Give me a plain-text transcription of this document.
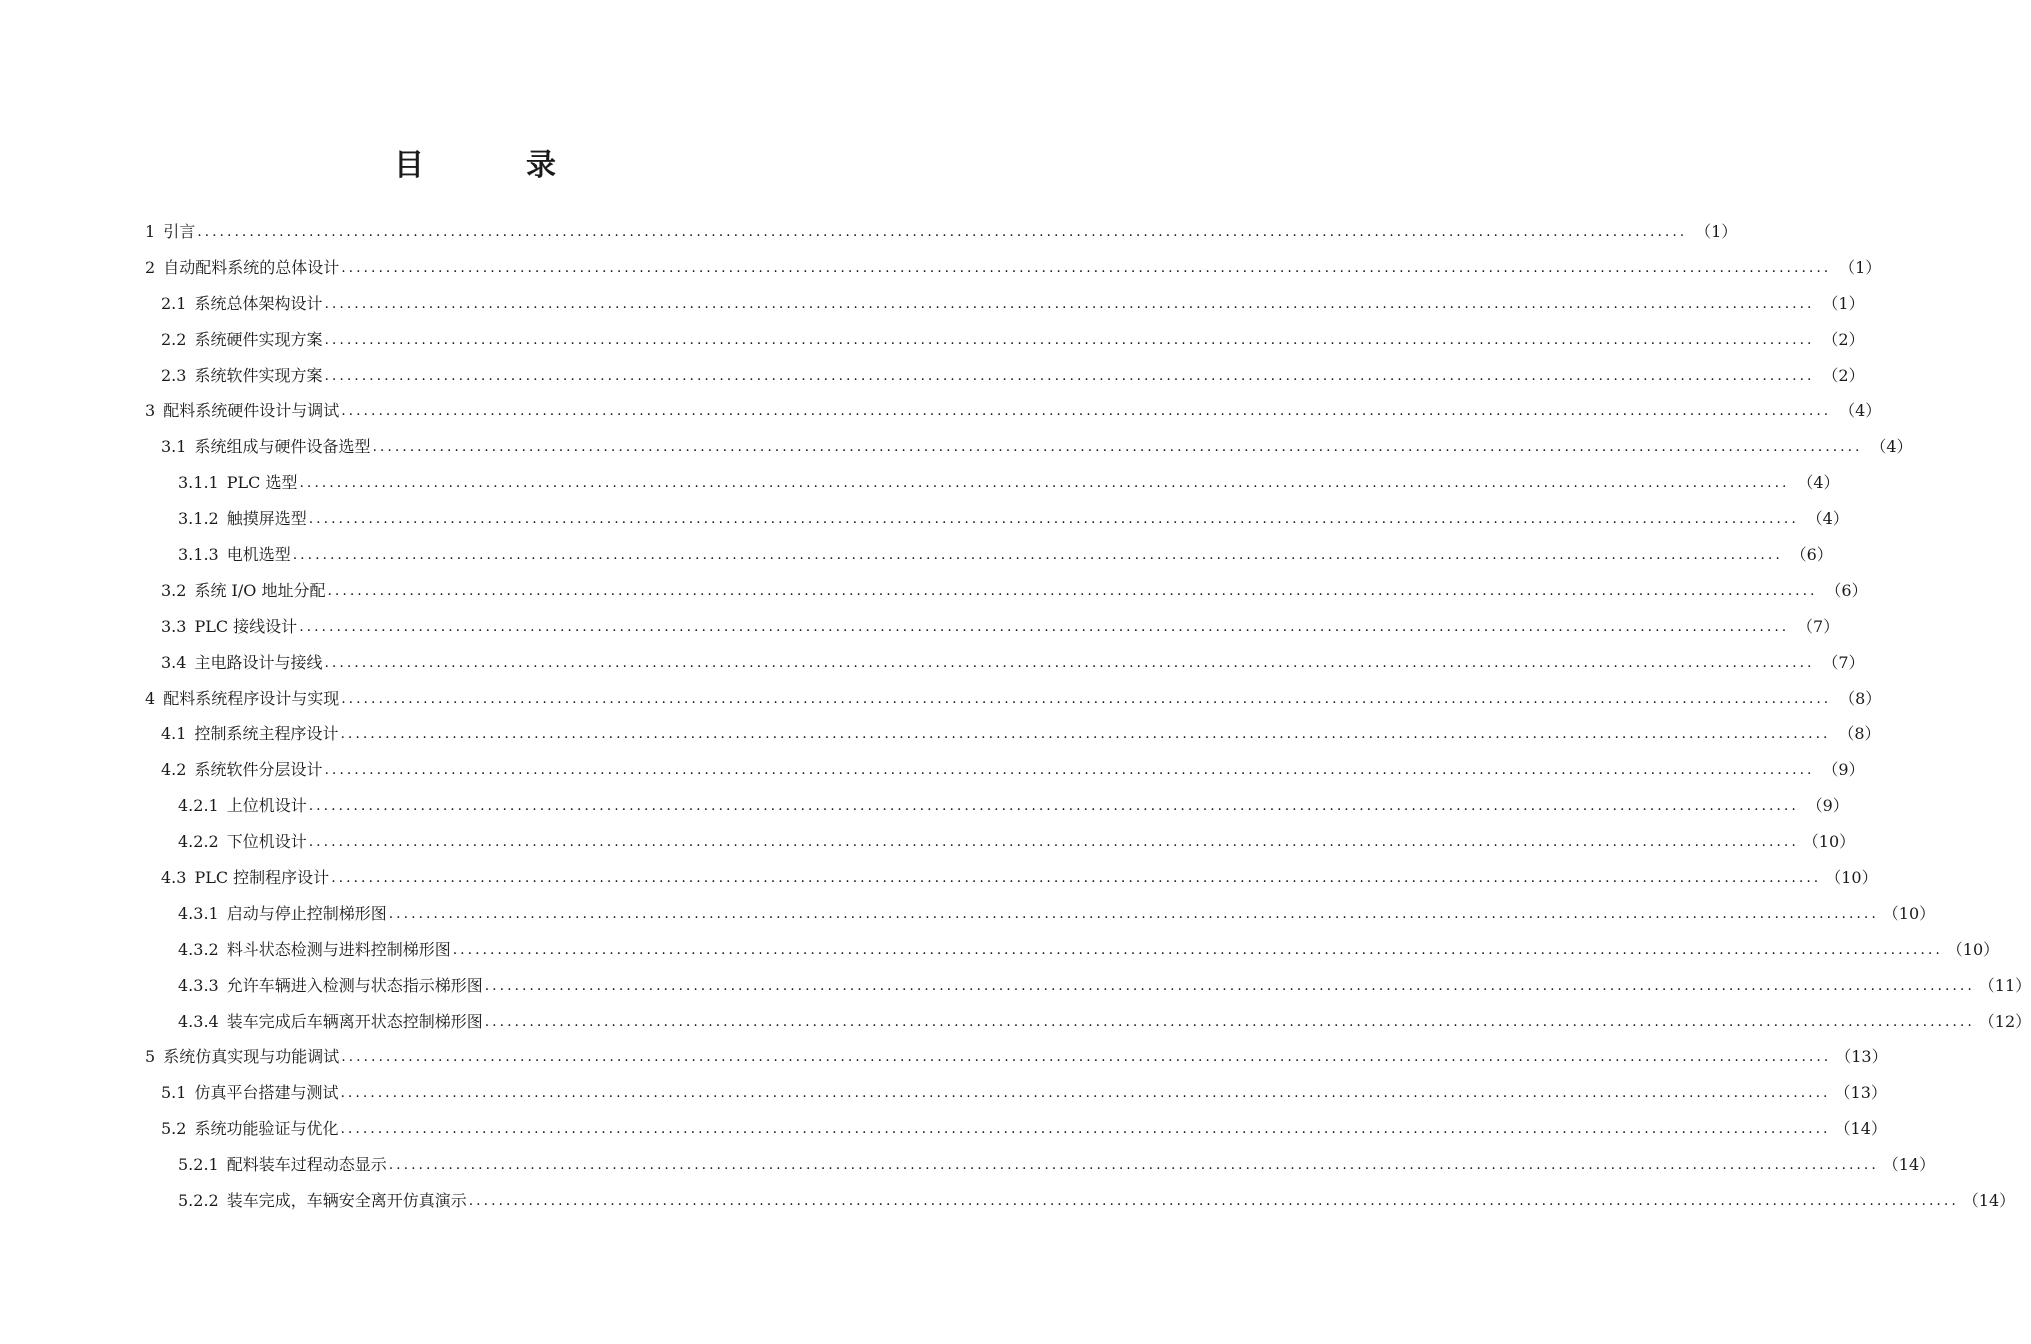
目　录
1 引言 ........................................................................................................................................................................................................ （1）
2 自动配料系统的总体设计 ........................................................................................................................................................................................................ （1）
2.1 系统总体架构设计 ........................................................................................................................................................................................................ （1）
2.2 系统硬件实现方案 ........................................................................................................................................................................................................ （2）
2.3 系统软件实现方案 ........................................................................................................................................................................................................ （2）
3 配料系统硬件设计与调试 ........................................................................................................................................................................................................ （4）
3.1 系统组成与硬件设备选型 ........................................................................................................................................................................................................ （4）
3.1.1 PLC 选型 ........................................................................................................................................................................................................ （4）
3.1.2 触摸屏选型 ........................................................................................................................................................................................................ （4）
3.1.3 电机选型 ........................................................................................................................................................................................................ （6）
3.2 系统 I/O 地址分配 ........................................................................................................................................................................................................ （6）
3.3 PLC 接线设计 ........................................................................................................................................................................................................ （7）
3.4 主电路设计与接线 ........................................................................................................................................................................................................ （7）
4 配料系统程序设计与实现 ........................................................................................................................................................................................................ （8）
4.1 控制系统主程序设计 ........................................................................................................................................................................................................ （8）
4.2 系统软件分层设计 ........................................................................................................................................................................................................ （9）
4.2.1 上位机设计 ........................................................................................................................................................................................................ （9）
4.2.2 下位机设计 ........................................................................................................................................................................................................ （10）
4.3 PLC 控制程序设计 ........................................................................................................................................................................................................ （10）
4.3.1 启动与停止控制梯形图 ........................................................................................................................................................................................................ （10）
4.3.2 料斗状态检测与进料控制梯形图 ........................................................................................................................................................................................................ （10）
4.3.3 允许车辆进入检测与状态指示梯形图 ........................................................................................................................................................................................................ （11）
4.3.4 装车完成后车辆离开状态控制梯形图 ........................................................................................................................................................................................................ （12）
5 系统仿真实现与功能调试 ........................................................................................................................................................................................................ （13）
5.1 仿真平台搭建与测试 ........................................................................................................................................................................................................ （13）
5.2 系统功能验证与优化 ........................................................................................................................................................................................................ （14）
5.2.1 配料装车过程动态显示 ........................................................................................................................................................................................................ （14）
5.2.2 装车完成，车辆安全离开仿真演示 ........................................................................................................................................................................................................ （14）
